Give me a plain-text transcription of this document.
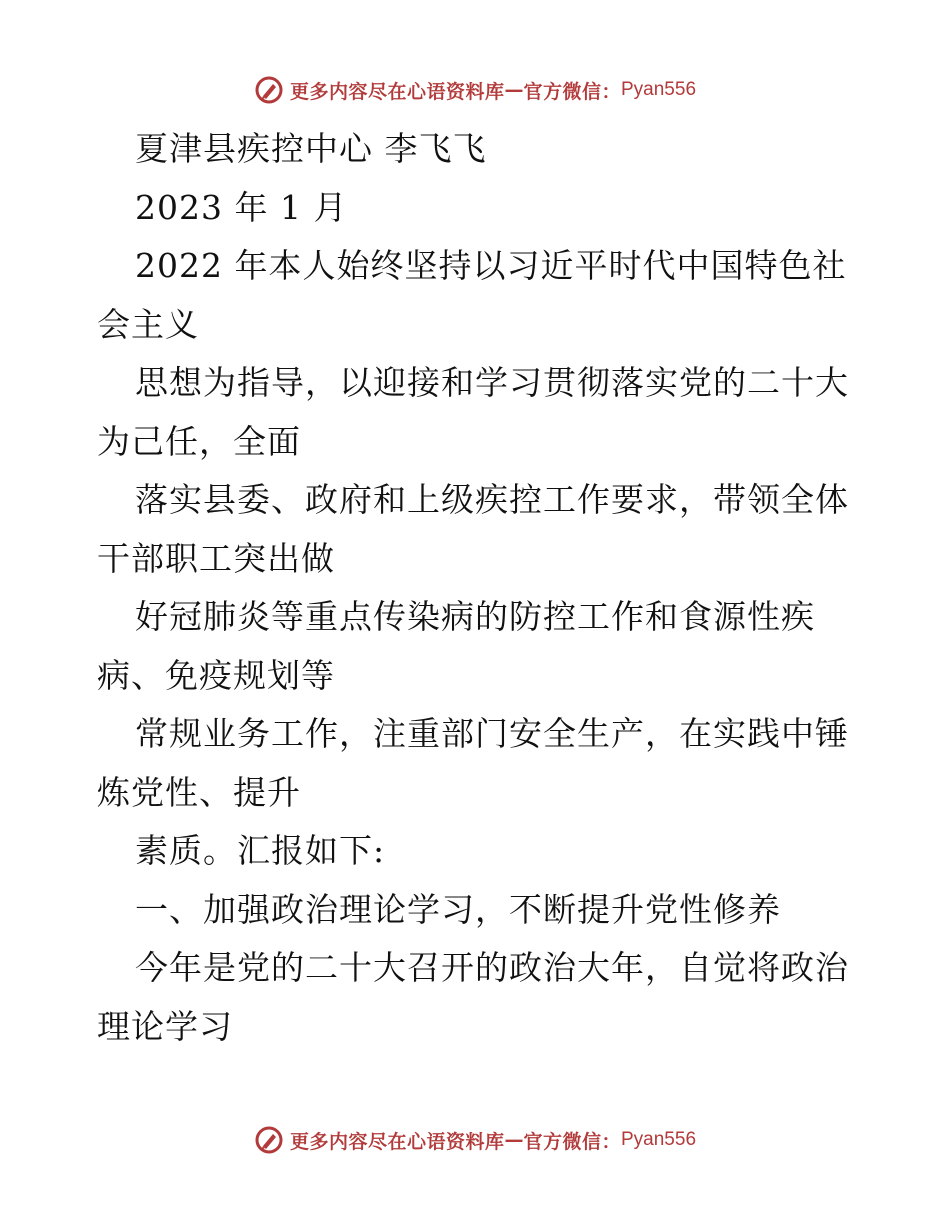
更多内容尽在心语资料库 — 官方微信： Pyan556
夏津县疾控中心 李飞飞
2023 年 1 月
2022 年本人始终坚持以习近平时代中国特色社
会主义
思想为指导，以迎接和学习贯彻落实党的二十大
为己任，全面
落实县委、政府和上级疾控工作要求，带领全体
干部职工突出做
好冠肺炎等重点传染病的防控工作和食源性疾
病、免疫规划等
常规业务工作，注重部门安全生产，在实践中锤
炼党性、提升
素质。汇报如下:
一、加强政治理论学习，不断提升党性修养
今年是党的二十大召开的政治大年，自觉将政治
理论学习
更多内容尽在心语资料库 — 官方微信： Pyan556
